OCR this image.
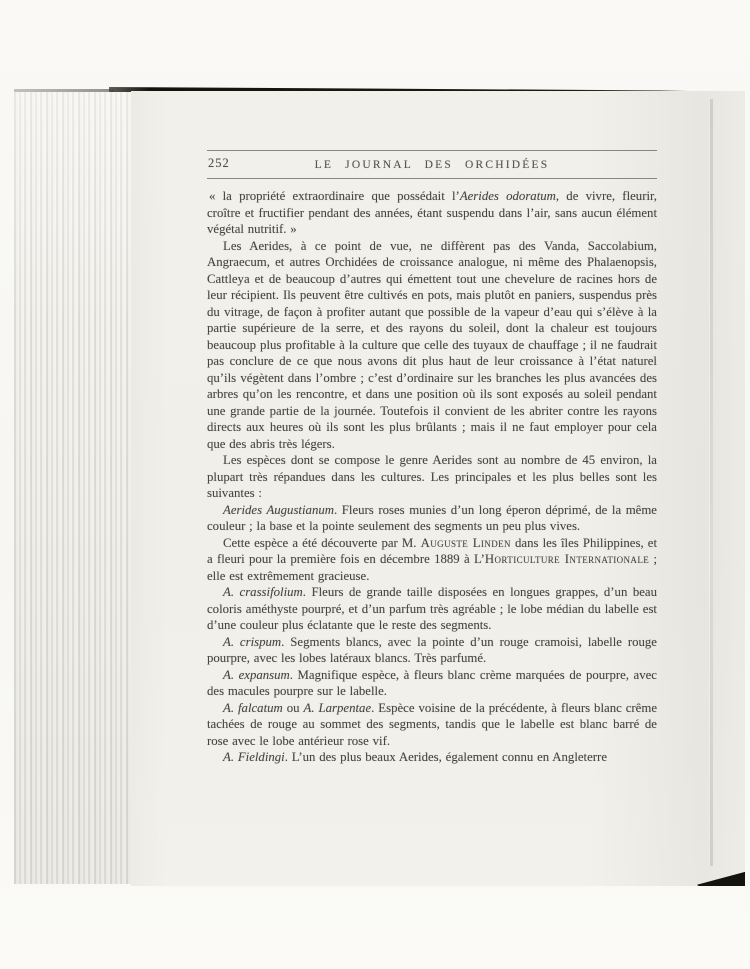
252	LE JOURNAL DES ORCHIDÉES

« la propriété extraordinaire que possédait l’Aerides odoratum, de vivre, fleurir, croître et fructifier pendant des années, étant suspendu dans l’air, sans aucun élément végétal nutritif. »

Les Aerides, à ce point de vue, ne diffèrent pas des Vanda, Saccolabium, Angraecum, et autres Orchidées de croissance analogue, ni même des Phalaenopsis, Cattleya et de beaucoup d’autres qui émettent tout une chevelure de racines hors de leur récipient. Ils peuvent être cultivés en pots, mais plutôt en paniers, suspendus près du vitrage, de façon à profiter autant que possible de la vapeur d’eau qui s’élève à la partie supérieure de la serre, et des rayons du soleil, dont la chaleur est toujours beaucoup plus profitable à la culture que celle des tuyaux de chauffage ; il ne faudrait pas conclure de ce que nous avons dit plus haut de leur croissance à l’état naturel qu’ils végètent dans l’ombre ; c’est d’ordinaire sur les branches les plus avancées des arbres qu’on les rencontre, et dans une position où ils sont exposés au soleil pendant une grande partie de la journée. Toutefois il convient de les abriter contre les rayons directs aux heures où ils sont les plus brûlants ; mais il ne faut employer pour cela que des abris très légers.

Les espèces dont se compose le genre Aerides sont au nombre de 45 environ, la plupart très répandues dans les cultures. Les principales et les plus belles sont les suivantes :

Aerides Augustianum. Fleurs roses munies d’un long éperon déprimé, de la même couleur ; la base et la pointe seulement des segments un peu plus vives.

Cette espèce a été découverte par M. Auguste Linden dans les îles Philippines, et a fleuri pour la première fois en décembre 1889 à L’Horticulture Internationale ; elle est extrêmement gracieuse.

A. crassifolium. Fleurs de grande taille disposées en longues grappes, d’un beau coloris améthyste pourpré, et d’un parfum très agréable ; le lobe médian du labelle est d’une couleur plus éclatante que le reste des segments.

A. crispum. Segments blancs, avec la pointe d’un rouge cramoisi, labelle rouge pourpre, avec les lobes latéraux blancs. Très parfumé.

A. expansum. Magnifique espèce, à fleurs blanc crème marquées de pourpre, avec des macules pourpre sur le labelle.

A. falcatum ou A. Larpentae. Espèce voisine de la précédente, à fleurs blanc crême tachées de rouge au sommet des segments, tandis que le labelle est blanc barré de rose avec le lobe antérieur rose vif.

A. Fieldingi. L’un des plus beaux Aerides, également connu en Angleterre
